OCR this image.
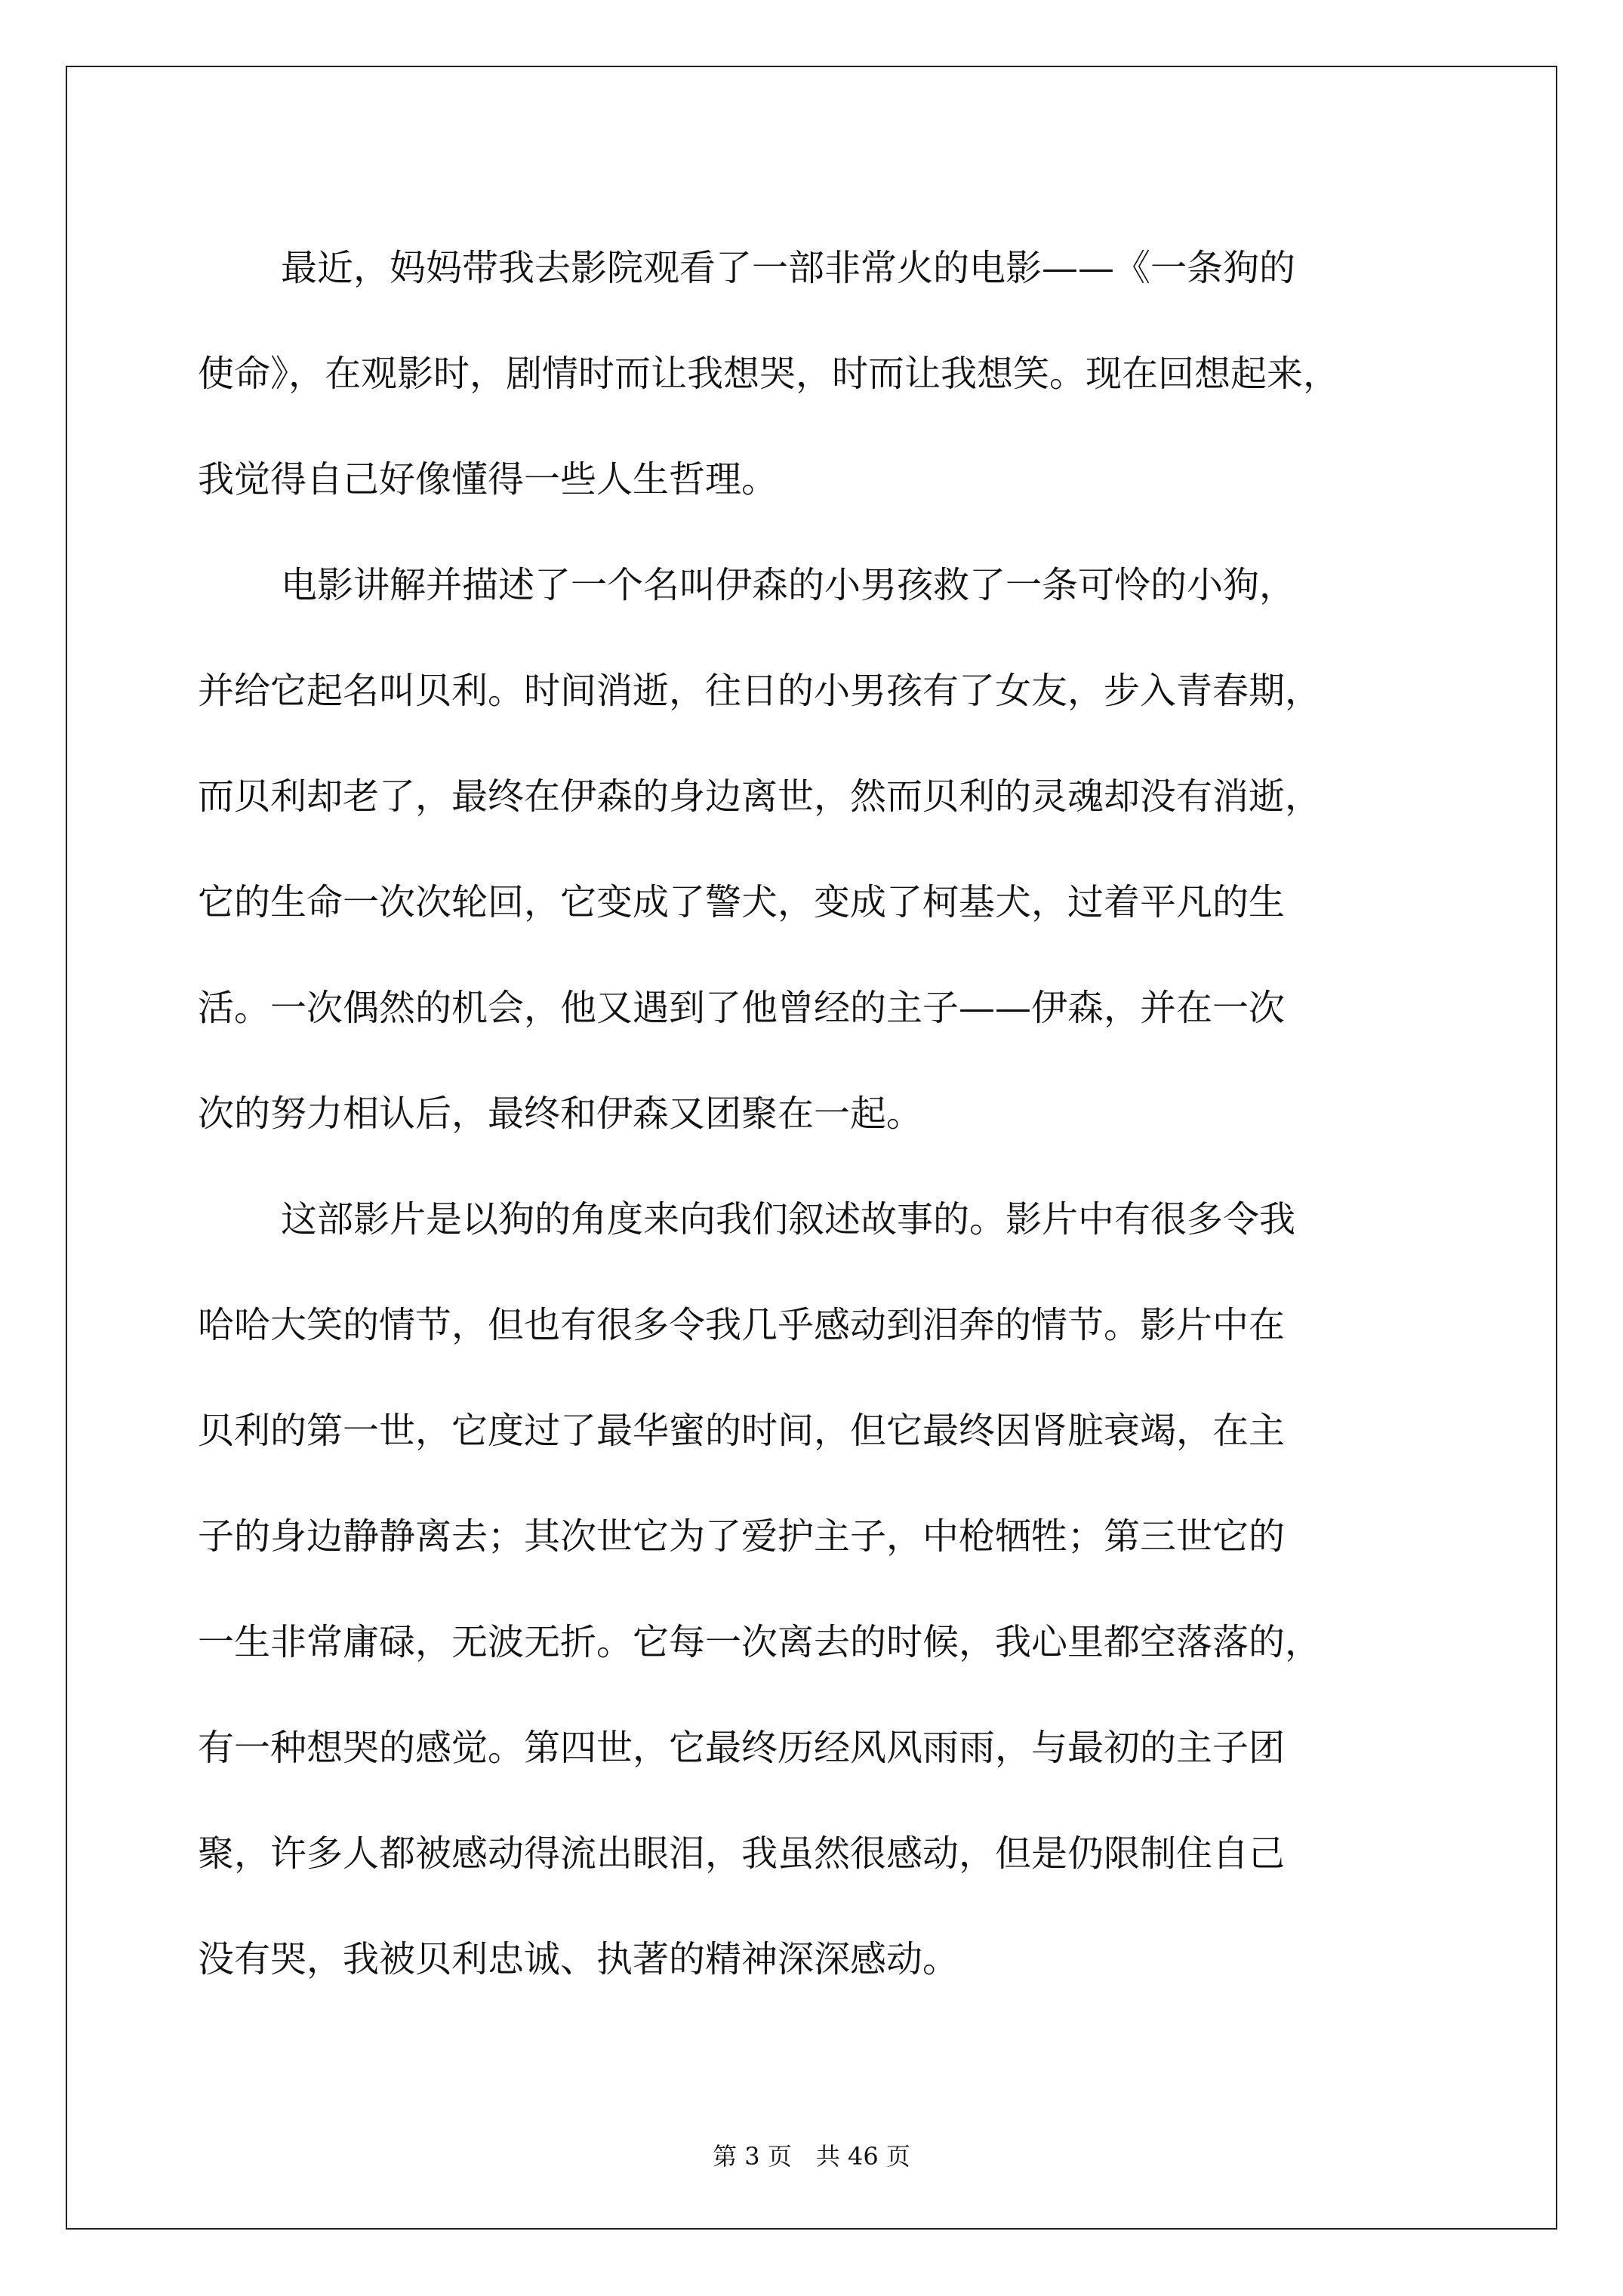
最近，妈妈带我去影院观看了一部非常火的电影——《一条狗的
使命》，在观影时，剧情时而让我想哭，时而让我想笑。现在回想起来，
我觉得自己好像懂得一些人生哲理。
电影讲解并描述了一个名叫伊森的小男孩救了一条可怜的小狗，
并给它起名叫贝利。时间消逝，往日的小男孩有了女友，步入青春期，
而贝利却老了，最终在伊森的身边离世，然而贝利的灵魂却没有消逝，
它的生命一次次轮回，它变成了警犬，变成了柯基犬，过着平凡的生
活。一次偶然的机会，他又遇到了他曾经的主子——伊森，并在一次
次的努力相认后，最终和伊森又团聚在一起。
这部影片是以狗的角度来向我们叙述故事的。影片中有很多令我
哈哈大笑的情节，但也有很多令我几乎感动到泪奔的情节。影片中在
贝利的第一世，它度过了最华蜜的时间，但它最终因肾脏衰竭，在主
子的身边静静离去；其次世它为了爱护主子，中枪牺牲；第三世它的
一生非常庸碌，无波无折。它每一次离去的时候，我心里都空落落的，
有一种想哭的感觉。第四世，它最终历经风风雨雨，与最初的主子团
聚，许多人都被感动得流出眼泪，我虽然很感动，但是仍限制住自己
没有哭，我被贝利忠诚、执著的精神深深感动。
第 3 页　共 46 页
